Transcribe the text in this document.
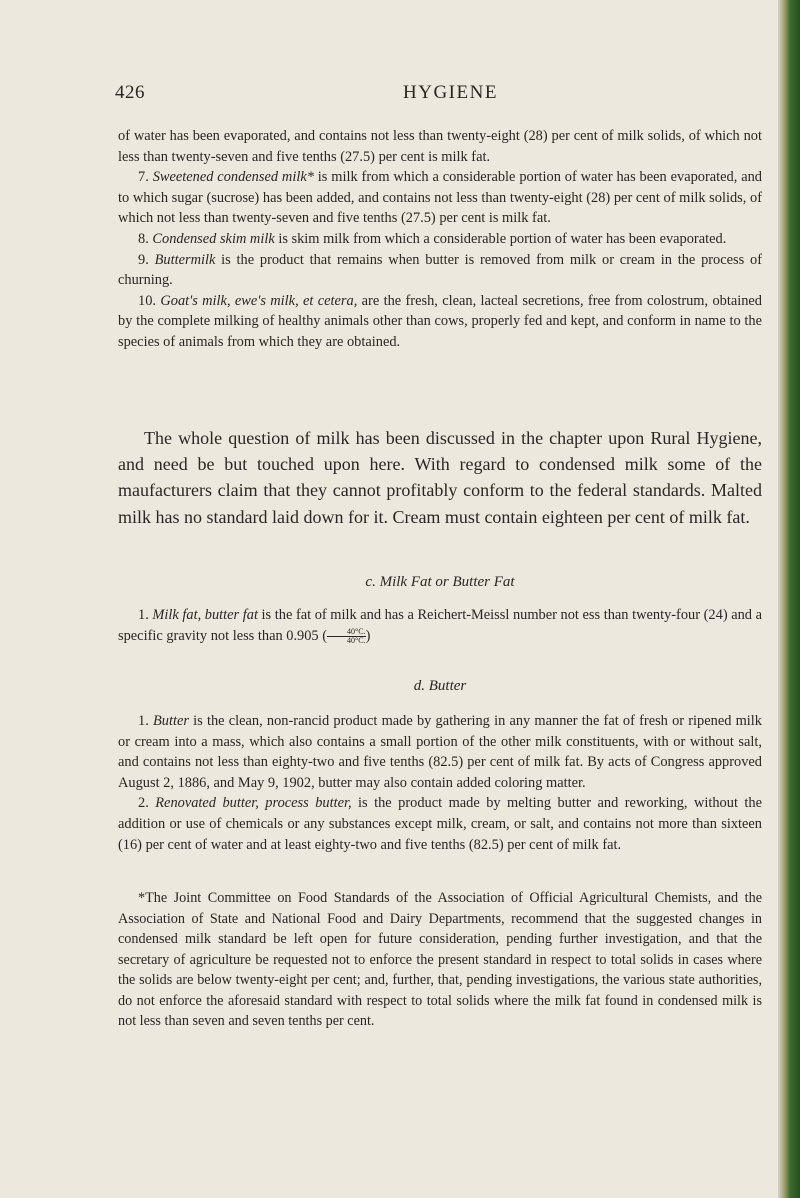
426	HYGIENE

of water has been evaporated, and contains not less than twenty-eight (28) per cent of milk solids, of which not less than twenty-seven and five tenths (27.5) per cent is milk fat.

7. Sweetened condensed milk* is milk from which a considerable portion of water has been evaporated, and to which sugar (sucrose) has been added, and contains not less than twenty-eight (28) per cent of milk solids, of which not less than twenty-seven and five tenths (27.5) per cent is milk fat.

8. Condensed skim milk is skim milk from which a considerable portion of water has been evaporated.

9. Buttermilk is the product that remains when butter is removed from milk or cream in the process of churning.

10. Goat's milk, ewe's milk, et cetera, are the fresh, clean, lacteal secretions, free from colostrum, obtained by the complete milking of healthy animals other than cows, properly fed and kept, and conform in name to the species of animals from which they are obtained.

The whole question of milk has been discussed in the chapter upon Rural Hygiene, and need be but touched upon here. With regard to condensed milk some of the maufacturers claim that they cannot profitably conform to the federal standards. Malted milk has no standard laid down for it. Cream must contain eighteen per cent of milk fat.

c. Milk Fat or Butter Fat

1. Milk fat, butter fat is the fat of milk and has a Reichert-Meissl number not ess than twenty-four (24) and a specific gravity not less than 0.905 ( $\frac{40^\circ C.}{40^\circ C.}$ )

d. Butter

1. Butter is the clean, non-rancid product made by gathering in any manner the fat of fresh or ripened milk or cream into a mass, which also contains a small portion of the other milk constituents, with or without salt, and contains not less than eighty-two and five tenths (82.5) per cent of milk fat. By acts of Congress approved August 2, 1886, and May 9, 1902, butter may also contain added coloring matter.

2. Renovated butter, process butter, is the product made by melting butter and reworking, without the addition or use of chemicals or any substances except milk, cream, or salt, and contains not more than sixteen (16) per cent of water and at least eighty-two and five tenths (82.5) per cent of milk fat.

*The Joint Committee on Food Standards of the Association of Official Agricultural Chemists, and the Association of State and National Food and Dairy Departments, recommend that the suggested changes in condensed milk standard be left open for future consideration, pending further investigation, and that the secretary of agriculture be requested not to enforce the present standard in respect to total solids in cases where the solids are below twenty-eight per cent; and, further, that, pending investigations, the various state authorities, do not enforce the aforesaid standard with respect to total solids where the milk fat found in condensed milk is not less than seven and seven tenths per cent.
